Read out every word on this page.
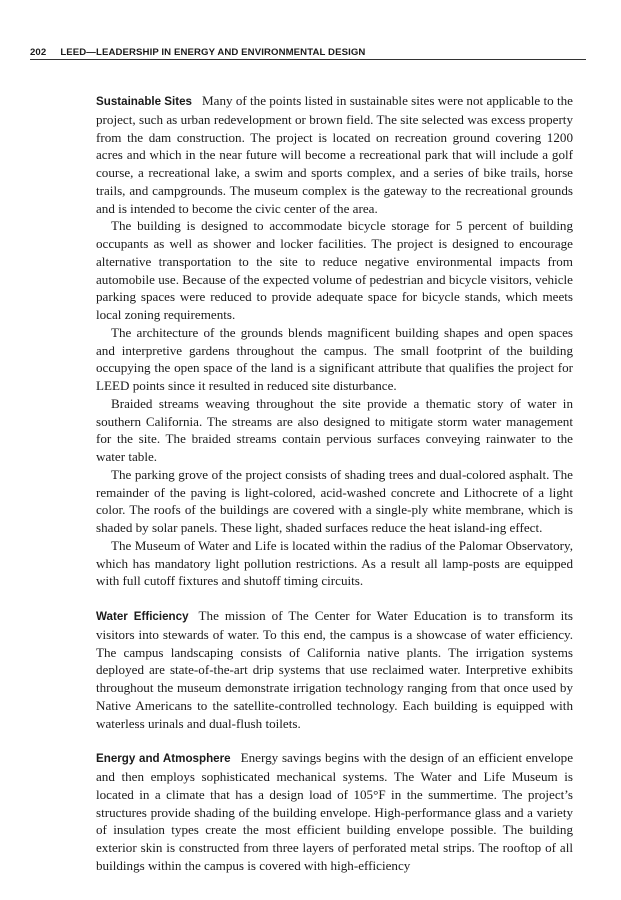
202 LEED—LEADERSHIP IN ENERGY AND ENVIRONMENTAL DESIGN

Sustainable Sites Many of the points listed in sustainable sites were not applicable to the project, such as urban redevelopment or brown field. The site selected was excess property from the dam construction. The project is located on recreation ground covering 1200 acres and which in the near future will become a recreational park that will include a golf course, a recreational lake, a swim and sports complex, and a series of bike trails, horse trails, and campgrounds. The museum complex is the gateway to the recreational grounds and is intended to become the civic center of the area.

The building is designed to accommodate bicycle storage for 5 percent of building occupants as well as shower and locker facilities. The project is designed to encourage alternative transportation to the site to reduce negative environmental impacts from automobile use. Because of the expected volume of pedestrian and bicycle visitors, vehicle parking spaces were reduced to provide adequate space for bicycle stands, which meets local zoning requirements.

The architecture of the grounds blends magnificent building shapes and open spaces and interpretive gardens throughout the campus. The small footprint of the building occupying the open space of the land is a significant attribute that qualifies the project for LEED points since it resulted in reduced site disturbance.

Braided streams weaving throughout the site provide a thematic story of water in southern California. The streams are also designed to mitigate storm water management for the site. The braided streams contain pervious surfaces conveying rainwater to the water table.

The parking grove of the project consists of shading trees and dual-colored asphalt. The remainder of the paving is light-colored, acid-washed concrete and Lithocrete of a light color. The roofs of the buildings are covered with a single-ply white membrane, which is shaded by solar panels. These light, shaded surfaces reduce the heat island-ing effect.

The Museum of Water and Life is located within the radius of the Palomar Observatory, which has mandatory light pollution restrictions. As a result all lamp-posts are equipped with full cutoff fixtures and shutoff timing circuits.

Water Efficiency The mission of The Center for Water Education is to transform its visitors into stewards of water. To this end, the campus is a showcase of water efficiency. The campus landscaping consists of California native plants. The irrigation systems deployed are state-of-the-art drip systems that use reclaimed water. Interpretive exhibits throughout the museum demonstrate irrigation technology ranging from that once used by Native Americans to the satellite-controlled technology. Each building is equipped with waterless urinals and dual-flush toilets.

Energy and Atmosphere Energy savings begins with the design of an efficient envelope and then employs sophisticated mechanical systems. The Water and Life Museum is located in a climate that has a design load of 105°F in the summertime. The project’s structures provide shading of the building envelope. High-performance glass and a variety of insulation types create the most efficient building envelope possible. The building exterior skin is constructed from three layers of perforated metal strips. The rooftop of all buildings within the campus is covered with high-efficiency
